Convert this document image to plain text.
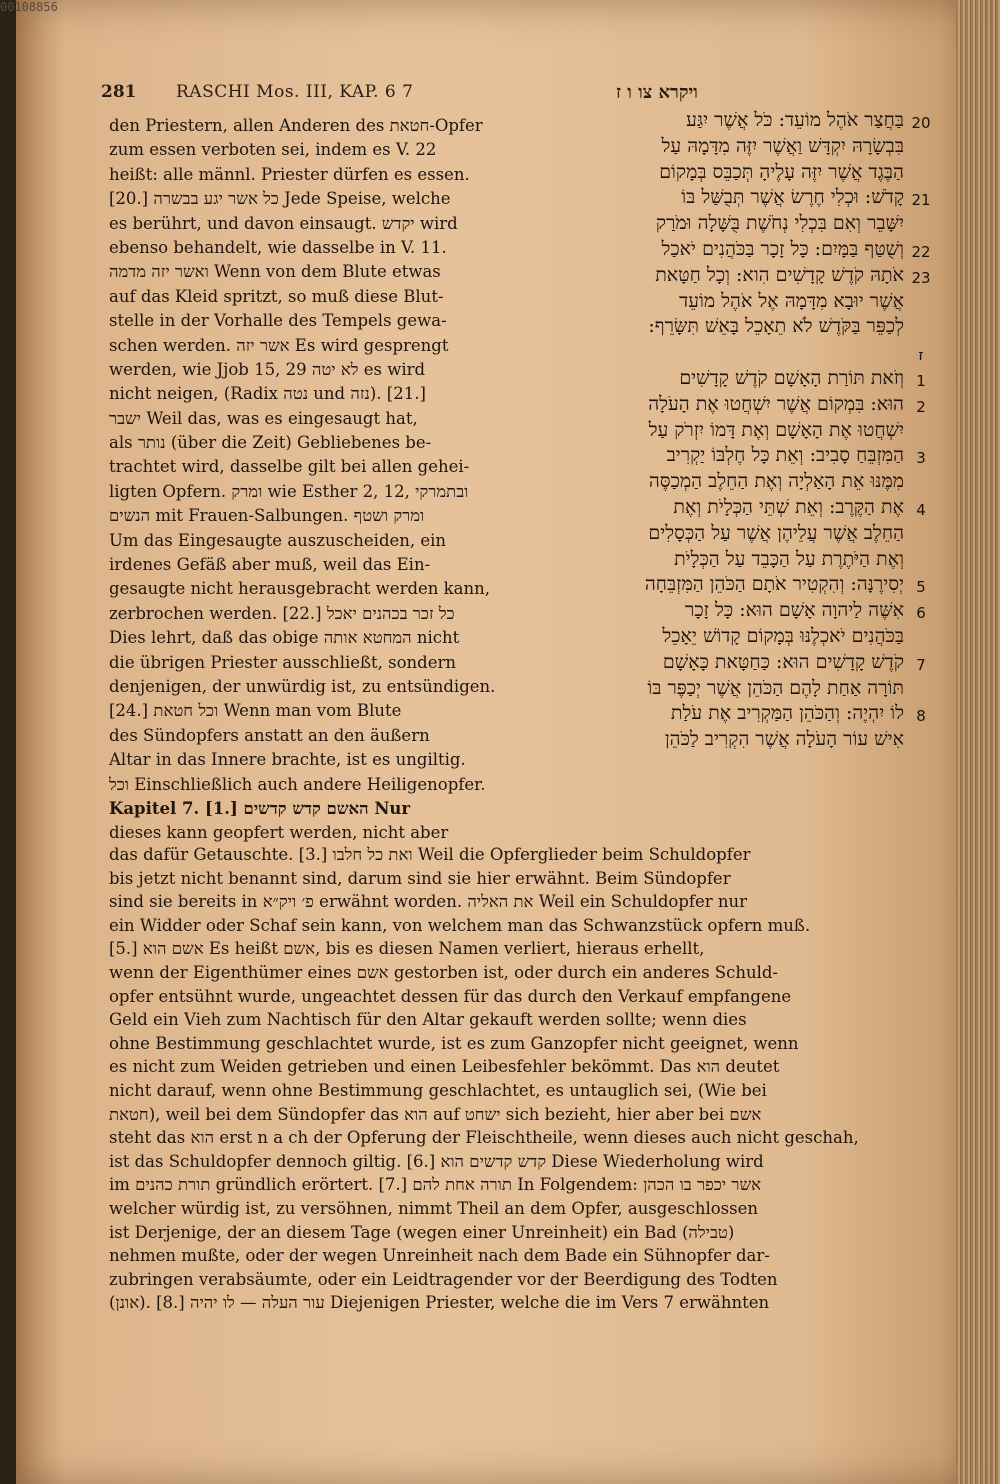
281 RASCHI Mos. III, KAP. 6 7	ויקרא צו ו ז
den Priestern, allen Anderen des חטאת-Opfer
zum essen verboten sei, indem es V. 22
heißt: alle männl. Priester dürfen es essen.
[20.] כל אשר יגע בבשרה Jede Speise, welche
es berührt, und davon einsaugt. יקדש wird
ebenso behandelt, wie dasselbe in V. 11.
ואשר יזה מדמה Wenn von dem Blute etwas
auf das Kleid spritzt, so muß diese Blut-
stelle in der Vorhalle des Tempels gewa-
schen werden. אשר יזה Es wird gesprengt
werden, wie Jjob 15, 29 לא יטה es wird
nicht neigen, (Radix נטה und נזה). [21.]
ישבר Weil das, was es eingesaugt hat,
als נותר (über die Zeit) Gebliebenes be-
trachtet wird, dasselbe gilt bei allen gehei-
ligten Opfern. ומרק wie Esther 2, 12, ובתמרקי
הנשים mit Frauen-Salbungen. ומרק ושטף
Um das Eingesaugte auszuscheiden, ein
irdenes Gefäß aber muß, weil das Ein-
gesaugte nicht herausgebracht werden kann,
zerbrochen werden. [22.] כל זכר בכהנים יאכל
Dies lehrt, daß das obige המחטא אותה nicht
die übrigen Priester ausschließt, sondern
denjenigen, der unwürdig ist, zu entsündigen.
[24.] וכל חטאת Wenn man vom Blute
des Sündopfers anstatt an den äußern
Altar in das Innere brachte, ist es ungiltig.
וכל Einschließlich auch andere Heiligenopfer.
Kapitel 7. [1.] האשם קדש קדשים Nur
dieses kann geopfert werden, nicht aber
בַּחֲצַר אֹהֶל מוֹעֵד: כֹּל אֲשֶׁר יִגַּע 20
בִּבְשָׂרָהּ יִקְדָּשׁ וַאֲשֶׁר יִזֶּה מִדָּמָהּ עַל
הַבֶּגֶד אֲשֶׁר יִזֶּה עָלֶיהָ תְּכַבֵּס בְּמָקוֹם
קָדֹשׁ: וּכְלִי חֶרֶשׂ אֲשֶׁר תְּבֻשַּׁל בּוֹ 21
יִשָּׁבֵר וְאִם בִּכְלִי נְחֹשֶׁת בֻּשָּׁלָה וּמֹרַק
וְשֻׁטַּף בַּמָּיִם: כָּל זָכָר בַּכֹּהֲנִים יֹאכַל 22
אֹתָהּ קֹדֶשׁ קָדָשִׁים הִוא: וְכָל חַטָּאת 23
אֲשֶׁר יוּבָא מִדָּמָהּ אֶל אֹהֶל מוֹעֵד
לְכַפֵּר בַּקֹּדֶשׁ לֹא תֵאָכֵל בָּאֵשׁ תִּשָּׂרֵף:
ז
וְזֹאת תּוֹרַת הָאָשָׁם קֹדֶשׁ קָדָשִׁים 1
הוּא: בִּמְקוֹם אֲשֶׁר יִשְׁחֲטוּ אֶת הָעֹלָה 2
יִשְׁחֲטוּ אֶת הָאָשָׁם וְאֶת דָּמוֹ יִזְרֹק עַל
הַמִּזְבֵּחַ סָבִיב: וְאֵת כָּל חֶלְבּוֹ יַקְרִיב 3
מִמֶּנּוּ אֵת הָאַלְיָה וְאֶת הַחֵלֶב הַמְכַסֶּה
אֶת הַקֶּרֶב: וְאֵת שְׁתֵּי הַכְּלָיֹת וְאֶת 4
הַחֵלֶב אֲשֶׁר עֲלֵיהֶן אֲשֶׁר עַל הַכְּסָלִים
וְאֶת הַיֹּתֶרֶת עַל הַכָּבֵד עַל הַכְּלָיֹת
יְסִירֶנָּה: וְהִקְטִיר אֹתָם הַכֹּהֵן הַמִּזְבֵּחָה 5
אִשֶּׁה לַיהוָה אָשָׁם הוּא: כָּל זָכָר 6
בַּכֹּהֲנִים יֹאכְלֶנּוּ בְּמָקוֹם קָדוֹשׁ יֵאָכֵל
קֹדֶשׁ קָדָשִׁים הוּא: כַּחַטָּאת כָּאָשָׁם 7
תּוֹרָה אַחַת לָהֶם הַכֹּהֵן אֲשֶׁר יְכַפֶּר בּוֹ
לוֹ יִהְיֶה: וְהַכֹּהֵן הַמַּקְרִיב אֶת עֹלַת 8
אִישׁ עוֹר הָעֹלָה אֲשֶׁר הִקְרִיב לַכֹּהֵן
das dafür Getauschte. [3.] ואת כל חלבו Weil die Opferglieder beim Schuldopfer
bis jetzt nicht benannt sind, darum sind sie hier erwähnt. Beim Sündopfer
sind sie bereits in פ׳ ויק״א erwähnt worden. את האליה Weil ein Schuldopfer nur
ein Widder oder Schaf sein kann, von welchem man das Schwanzstück opfern muß.
[5.] אשם הוא Es heißt אשם, bis es diesen Namen verliert, hieraus erhellt,
wenn der Eigenthümer eines אשם gestorben ist, oder durch ein anderes Schuld-
opfer entsühnt wurde, ungeachtet dessen für das durch den Verkauf empfangene
Geld ein Vieh zum Nachtisch für den Altar gekauft werden sollte; wenn dies
ohne Bestimmung geschlachtet wurde, ist es zum Ganzopfer nicht geeignet, wenn
es nicht zum Weiden getrieben und einen Leibesfehler bekömmt. Das הוא deutet
nicht darauf, wenn ohne Bestimmung geschlachtet, es untauglich sei, (Wie bei
חטאת), weil bei dem Sündopfer das הוא auf ישחט sich bezieht, hier aber bei אשם
steht das הוא erst n a ch der Opferung der Fleischtheile, wenn dieses auch nicht geschah,
ist das Schuldopfer dennoch giltig. [6.] קדש קדשים הוא Diese Wiederholung wird
im תורת כהנים gründlich erörtert. [7.] תורה אחת להם In Folgendem: אשר יכפר בו הכהן
welcher würdig ist, zu versöhnen, nimmt Theil an dem Opfer, ausgeschlossen
ist Derjenige, der an diesem Tage (wegen einer Unreinheit) ein Bad (טבילה)
nehmen mußte, oder der wegen Unreinheit nach dem Bade ein Sühnopfer dar-
zubringen verabsäumte, oder ein Leidtragender vor der Beerdigung des Todten
(אונן). [8.] עור העלה — לו יהיה Diejenigen Priester, welche die im Vers 7 erwähnten
00108856
